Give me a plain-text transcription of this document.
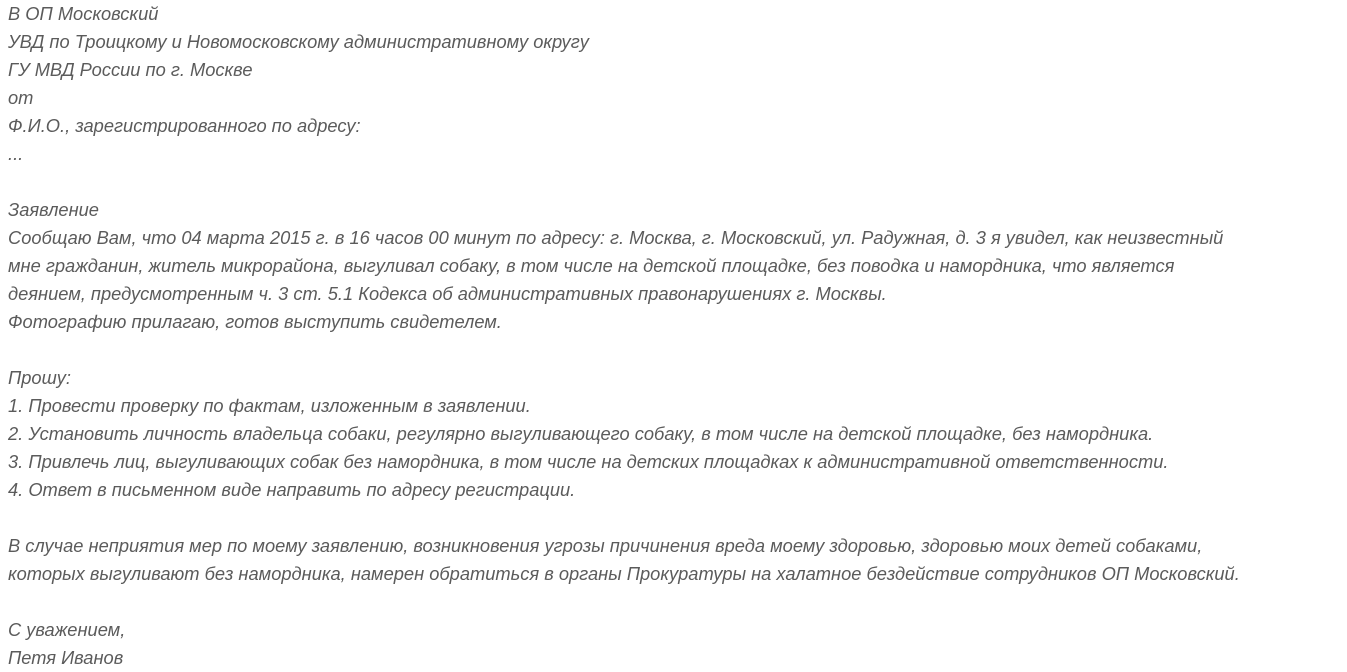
В ОП Московский
УВД по Троицкому и Новомосковскому административному округу
ГУ МВД России по г. Москве
от
Ф.И.О., зарегистрированного по адресу:
...
Заявление
Сообщаю Вам, что 04 марта 2015 г. в 16 часов 00 минут по адресу: г. Москва, г. Московский, ул. Радужная, д. 3 я увидел, как неизвестный
мне гражданин, житель микрорайона, выгуливал собаку, в том числе на детской площадке, без поводка и намордника, что является
деянием, предусмотренным ч. 3 ст. 5.1 Кодекса об административных правонарушениях г. Москвы.
Фотографию прилагаю, готов выступить свидетелем.
Прошу:
1. Провести проверку по фактам, изложенным в заявлении.
2. Установить личность владельца собаки, регулярно выгуливающего собаку, в том числе на детской площадке, без намордника.
3. Привлечь лиц, выгуливающих собак без намордника, в том числе на детских площадках к административной ответственности.
4. Ответ в письменном виде направить по адресу регистрации.
В случае неприятия мер по моему заявлению, возникновения угрозы причинения вреда моему здоровью, здоровью моих детей собаками,
которых выгуливают без намордника, намерен обратиться в органы Прокуратуры на халатное бездействие сотрудников ОП Московский.
С уважением,
Петя Иванов
